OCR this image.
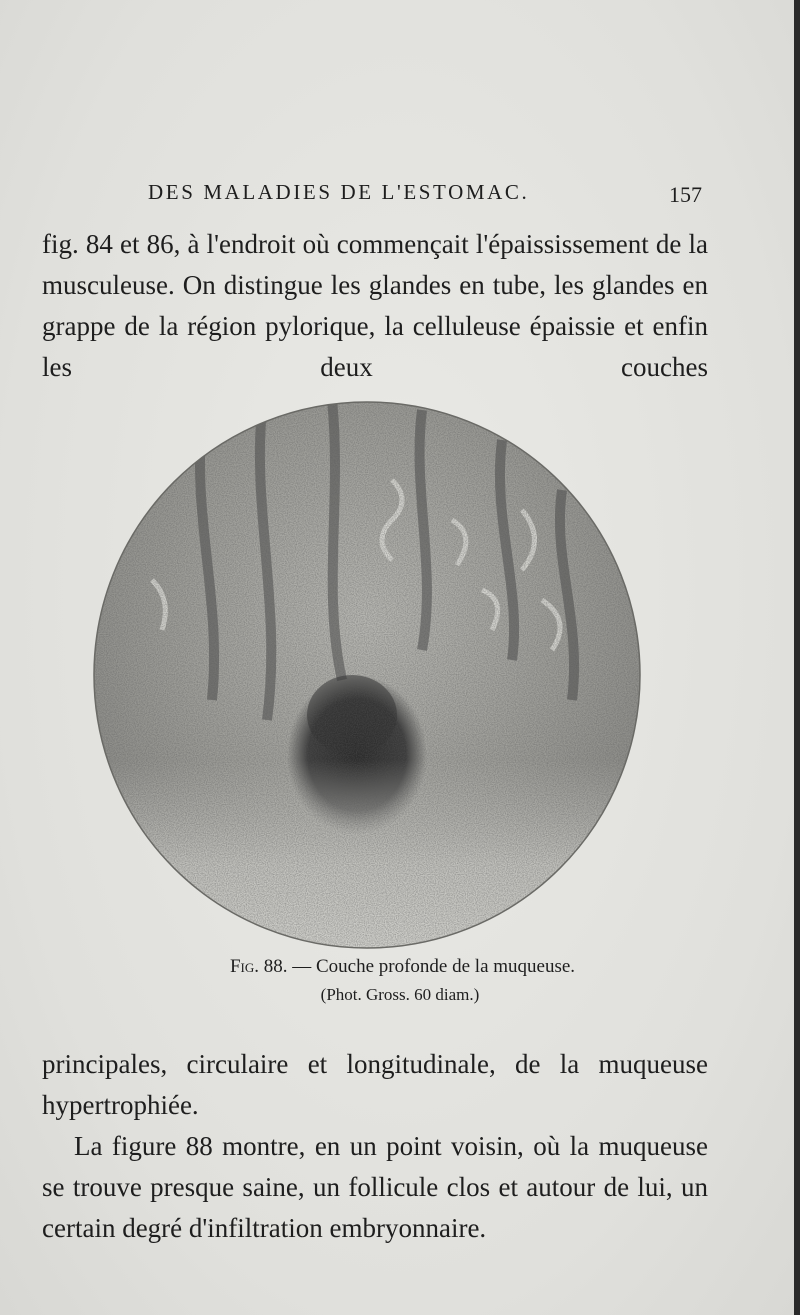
DES MALADIES DE L'ESTOMAC.	157

fig. 84 et 86, à l'endroit où commençait l'épaississement de la musculeuse. On distingue les glandes en tube, les glandes en grappe de la région pylorique, la celluleuse épaissie et enfin les deux couches

Fig. 88. — Couche profonde de la muqueuse.
(Phot. Gross. 60 diam.)

principales, circulaire et longitudinale, de la muqueuse hypertrophiée.

La figure 88 montre, en un point voisin, où la muqueuse se trouve presque saine, un follicule clos et autour de lui, un certain degré d'infiltration embryonnaire.
